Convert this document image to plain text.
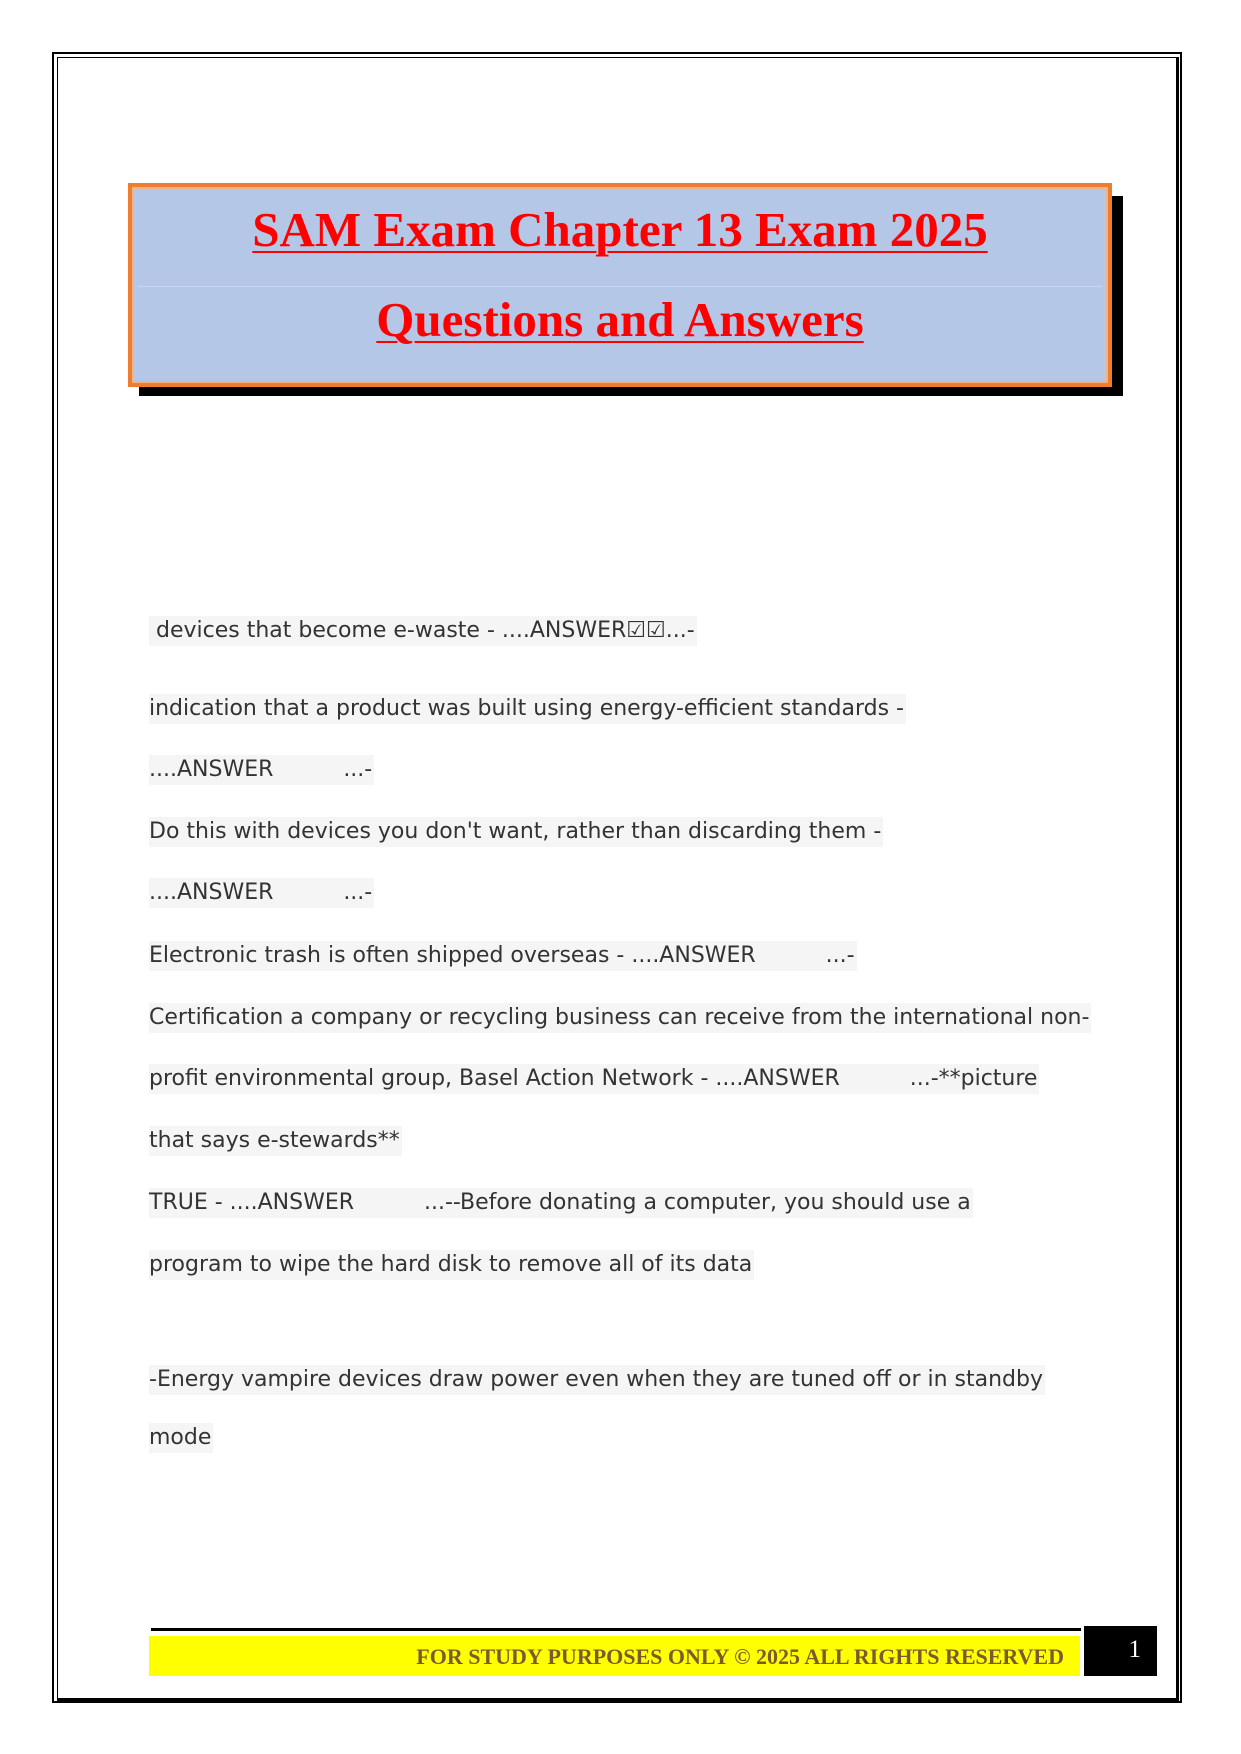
SAM Exam Chapter 13 Exam 2025
Questions and Answers

devices that become e-waste - ....ANSWER☑☑...-

indication that a product was built using energy-efficient standards -

....ANSWER          ...-

Do this with devices you don't want, rather than discarding them -

....ANSWER          ...-

Electronic trash is often shipped overseas - ....ANSWER          ...-

Certification a company or recycling business can receive from the international non-

profit environmental group, Basel Action Network - ....ANSWER          ...-**picture

that says e-stewards**

TRUE - ....ANSWER          ...--Before donating a computer, you should use a

program to wipe the hard disk to remove all of its data

-Energy vampire devices draw power even when they are tuned off or in standby

mode

FOR STUDY PURPOSES ONLY © 2025 ALL RIGHTS RESERVED	1
